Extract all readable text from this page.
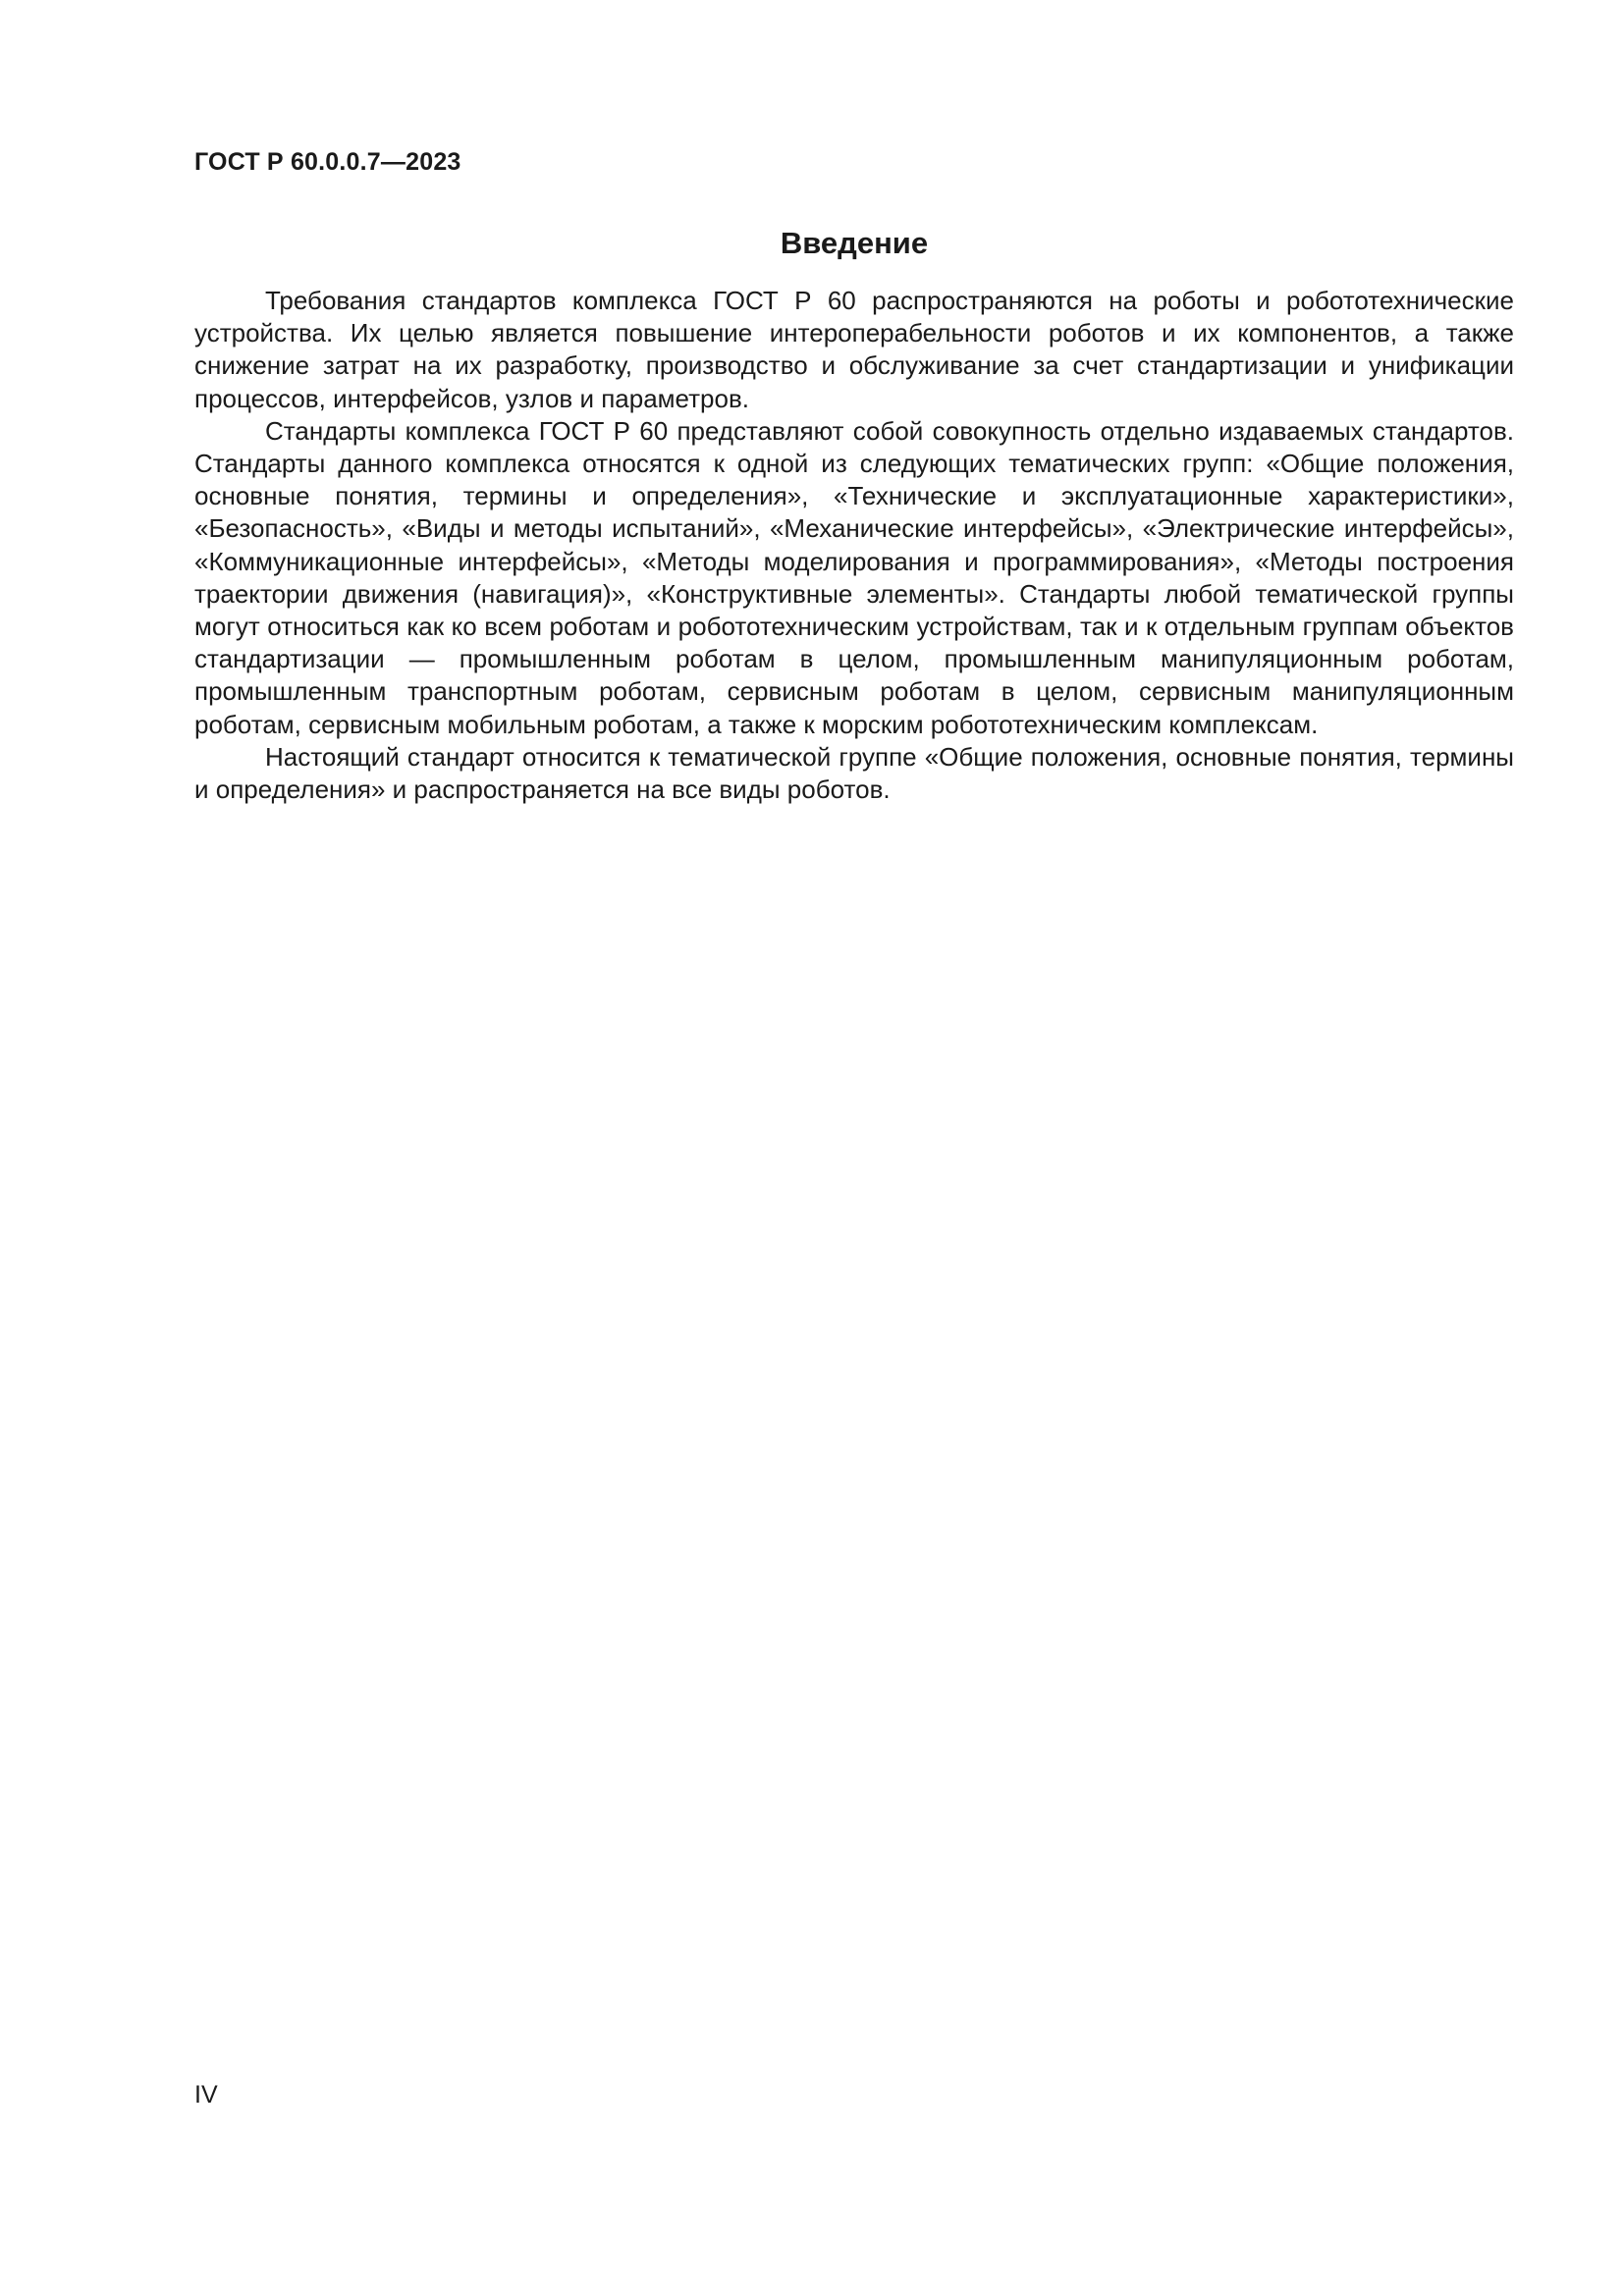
ГОСТ Р 60.0.0.7—2023
Введение

Требования стандартов комплекса ГОСТ Р 60 распространяются на роботы и робототехнические устройства. Их целью является повышение интероперабельности роботов и их компонентов, а также снижение затрат на их разработку, производство и обслуживание за счет стандартизации и унификации процессов, интерфейсов, узлов и параметров.

Стандарты комплекса ГОСТ Р 60 представляют собой совокупность отдельно издаваемых стандартов. Стандарты данного комплекса относятся к одной из следующих тематических групп: «Общие положения, основные понятия, термины и определения», «Технические и эксплуатационные характеристики», «Безопасность», «Виды и методы испытаний», «Механические интерфейсы», «Электрические интерфейсы», «Коммуникационные интерфейсы», «Методы моделирования и программирования», «Методы построения траектории движения (навигация)», «Конструктивные элементы». Стандарты любой тематической группы могут относиться как ко всем роботам и робототехническим устройствам, так и к отдельным группам объектов стандартизации — промышленным роботам в целом, промышленным манипуляционным роботам, промышленным транспортным роботам, сервисным роботам в целом, сервисным манипуляционным роботам, сервисным мобильным роботам, а также к морским робототехническим комплексам.

Настоящий стандарт относится к тематической группе «Общие положения, основные понятия, термины и определения» и распространяется на все виды роботов.

IV
